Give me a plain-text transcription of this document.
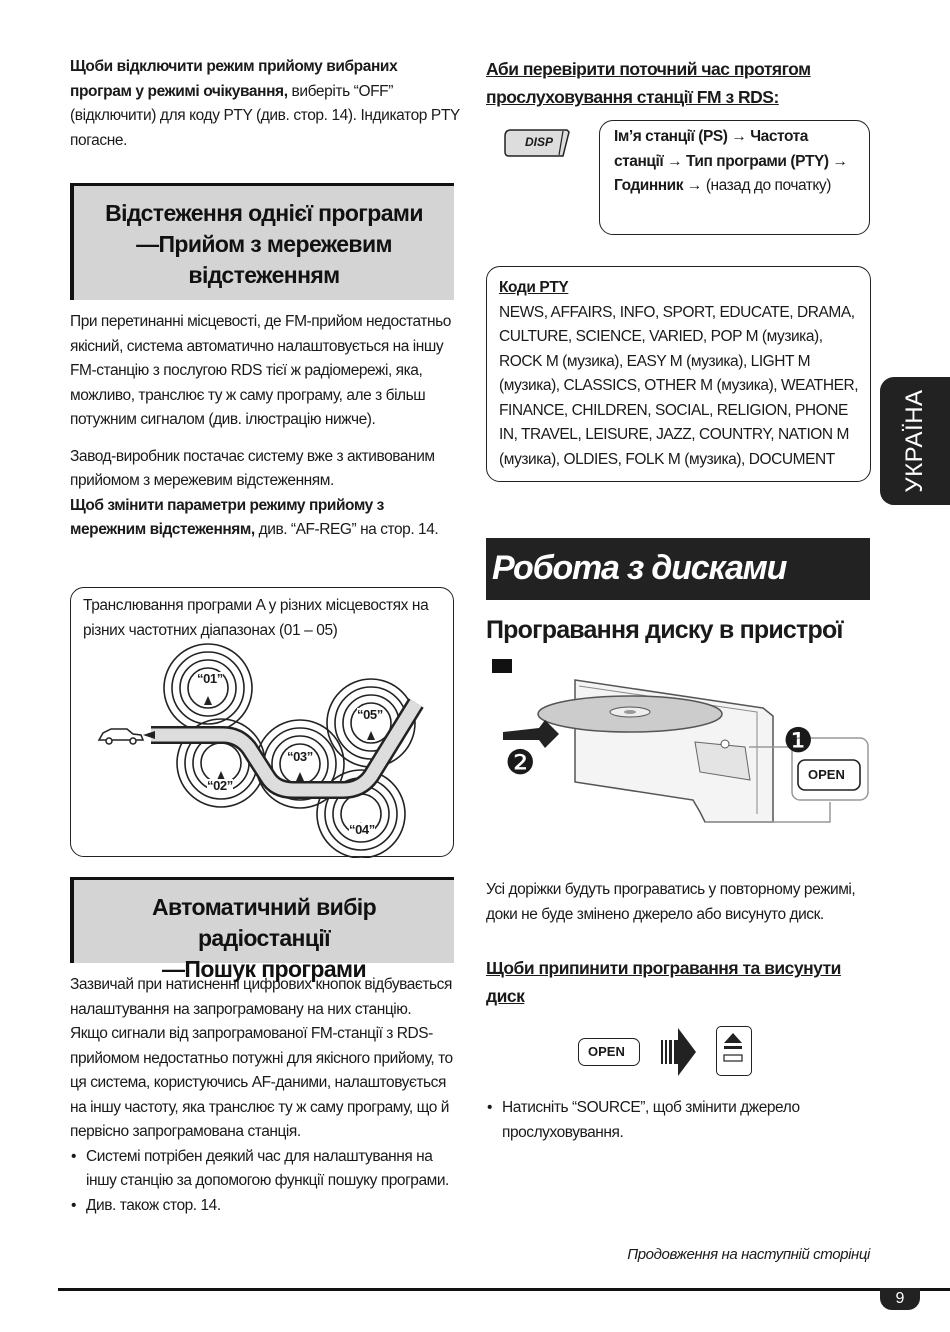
Щоби відключити режим прийому вибраних програм у режимі очікування, виберіть “OFF” (відключити) для коду PTY (див. стор. 14). Індикатор PTY погасне.

Відстеження однієї програми
—Прийом з мережевим
відстеженням

При перетинанні місцевості, де FM-прийом недостатньо якісний, система автоматично налаштовується на іншу FM-станцію з послугою RDS тієї ж радіомережі, яка, можливо, транслює ту ж саму програму, але з більш потужним сигналом (див. ілюстрацію нижче).

Завод-виробник постачає систему вже з активованим прийомом з мережевим відстеженням.

Щоб змінити параметри режиму прийому з мережним відстеженням, див. “AF-REG” на стор. 14.

Транслювання програми A у різних місцевостях на різних частотних діапазонах (01 – 05)
“01”
“02”
“03”
“04”
“05”
Автоматичний вибір радіостанції
—Пошук програми

Зазвичай при натисненні цифрових кнопок відбувається налаштування на запрограмовану на них станцію.

Якщо сигнали від запрограмованої FM-станції з RDS-прийомом недостатньо потужні для якісного прийому, то ця система, користуючись AF-даними, налаштовується на іншу частоту, яка транслює ту ж саму програму, що й первісно запрограмована станція.

• Системі потрібен деякий час для налаштування на іншу станцію за допомогою функції пошуку програми.
• Див. також стор. 14.
Аби перевірити поточний час протягом прослуховування станції FM з RDS:
DISP	Ім’я станції (PS) → Частота станції → Тип програми (PTY) → Годинник → (назад до початку)

Коди PTY

NEWS, AFFAIRS, INFO, SPORT, EDUCATE, DRAMA, CULTURE, SCIENCE, VARIED, POP M (музика), ROCK M (музика), EASY M (музика), LIGHT M (музика), CLASSICS, OTHER M (музика), WEATHER, FINANCE, CHILDREN, SOCIAL, RELIGION, PHONE IN, TRAVEL, LEISURE, JAZZ, COUNTRY, NATION M (музика), OLDIES, FOLK M (музика), DOCUMENT

Робота з дисками
Програвання диску в пристрої
❶
❷	OPEN

Усі доріжки будуть програватись у повторному режимі, доки не буде змінено джерело або висунуто диск.

Щоби припинити програвання та висунути диск
OPEN
• Натисніть “SOURCE”, щоб змінити джерело прослуховування.
Продовження на наступній сторінці
УКРАЇНА
9
